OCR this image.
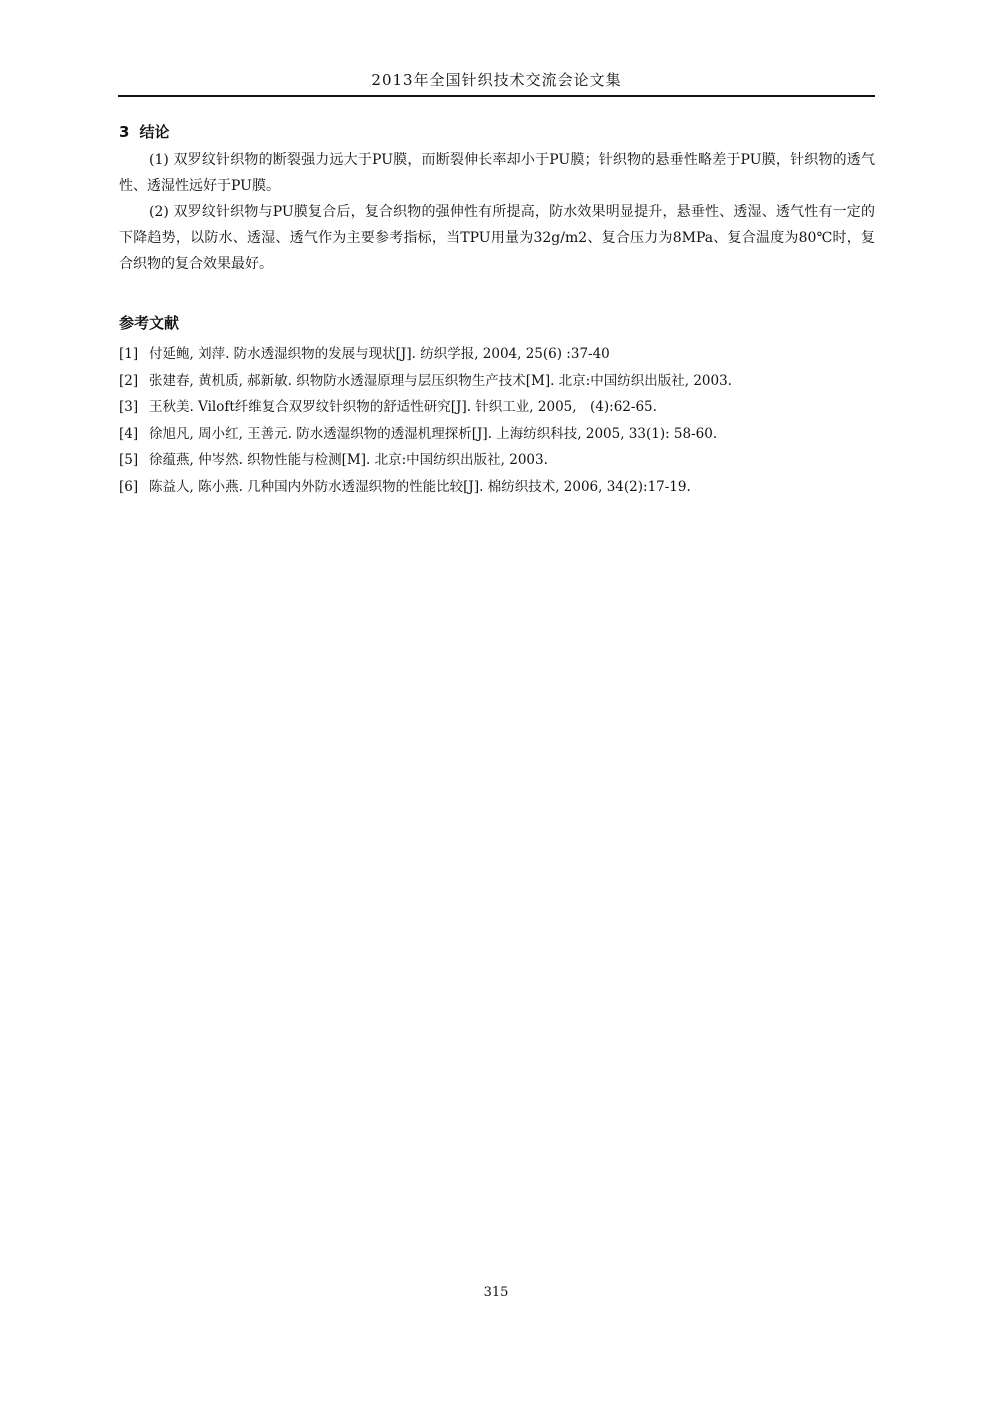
2013年全国针织技术交流会论文集
3 结论

(1) 双罗纹针织物的断裂强力远大于PU膜，而断裂伸长率却小于PU膜；针织物的悬垂性略差于PU膜，针织物的透气性、透湿性远好于PU膜。

(2) 双罗纹针织物与PU膜复合后，复合织物的强伸性有所提高，防水效果明显提升，悬垂性、透湿、透气性有一定的下降趋势，以防水、透湿、透气作为主要参考指标，当TPU用量为32g/m2、复合压力为8MPa、复合温度为80℃时，复合织物的复合效果最好。

参考文献
[1] 付延鲍, 刘萍. 防水透湿织物的发展与现状[J]. 纺织学报, 2004, 25(6) :37-40
[2] 张建春, 黄机质, 郝新敏. 织物防水透湿原理与层压织物生产技术[M]. 北京:中国纺织出版社, 2003.
[3] 王秋美. Viloft纤维复合双罗纹针织物的舒适性研究[J]. 针织工业, 2005,　(4):62-65.
[4] 徐旭凡, 周小红, 王善元. 防水透湿织物的透湿机理探析[J]. 上海纺织科技, 2005, 33(1): 58-60.
[5] 徐蕴燕, 仲岑然. 织物性能与检测[M]. 北京:中国纺织出版社, 2003.
[6] 陈益人, 陈小燕. 几种国内外防水透湿织物的性能比较[J]. 棉纺织技术, 2006, 34(2):17-19.
315
